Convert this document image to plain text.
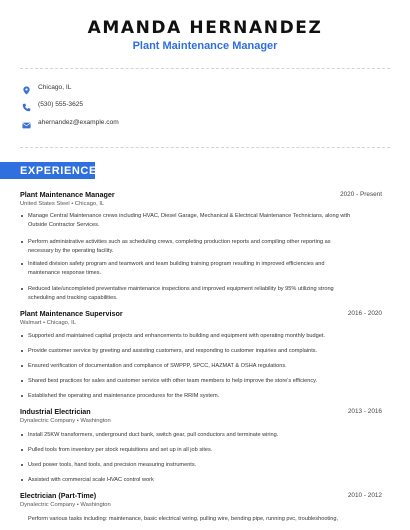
AMANDA HERNANDEZ
Plant Maintenance Manager
Chicago, IL
(530) 555-3625
ahernandez@example.com
EXPERIENCE
Plant Maintenance Manager	2020 - Present
United States Steel • Chicago, IL
Manage Central Maintenance crews including HVAC, Diesel Garage, Mechanical & Electrical Maintenance Technicians, along with Outside Contractor Services.
Perform administrative activities such as scheduling crews, completing production reports and compiling other reporting as necessary by the operating facility.
Initiated division safety program and teamwork and team building training program resulting in improved efficiencies and maintenance response times.
Reduced late/uncompleted preventative maintenance inspections and improved equipment reliability by 95% utilizing strong scheduling and tracking capabilities.
Plant Maintenance Supervisor	2016 - 2020
Walmart • Chicago, IL
Supported and maintained capital projects and enhancements to building and equipment with operating monthly budget.
Provide customer service by greeting and assisting customers, and responding to customer inquiries and complaints.
Ensured verification of documentation and compliance of SWPPP, SPCC, HAZMAT & OSHA regulations.
Shared best practices for sales and customer service with other team members to help improve the store's efficiency.
Established the operating and maintenance procedures for the RRIM system.
Industrial Electrician	2013 - 2016
Dynalectric Company • Washington
Install 25KW transformers, underground duct bank, switch gear, pull conductors and terminate wiring.
Pulled tools from inventory per stock requisitions and set up in all job sites.
Used power tools, hand tools, and precision measuring instruments.
Assisted with commercial scale HVAC control work
Electrician (Part-Time)	2010 - 2012
Dynalectric Company • Washington
Perform various tasks including: maintenance, basic electrical wiring, pulling wire, bending pipe, running pvc, troubleshooting,
